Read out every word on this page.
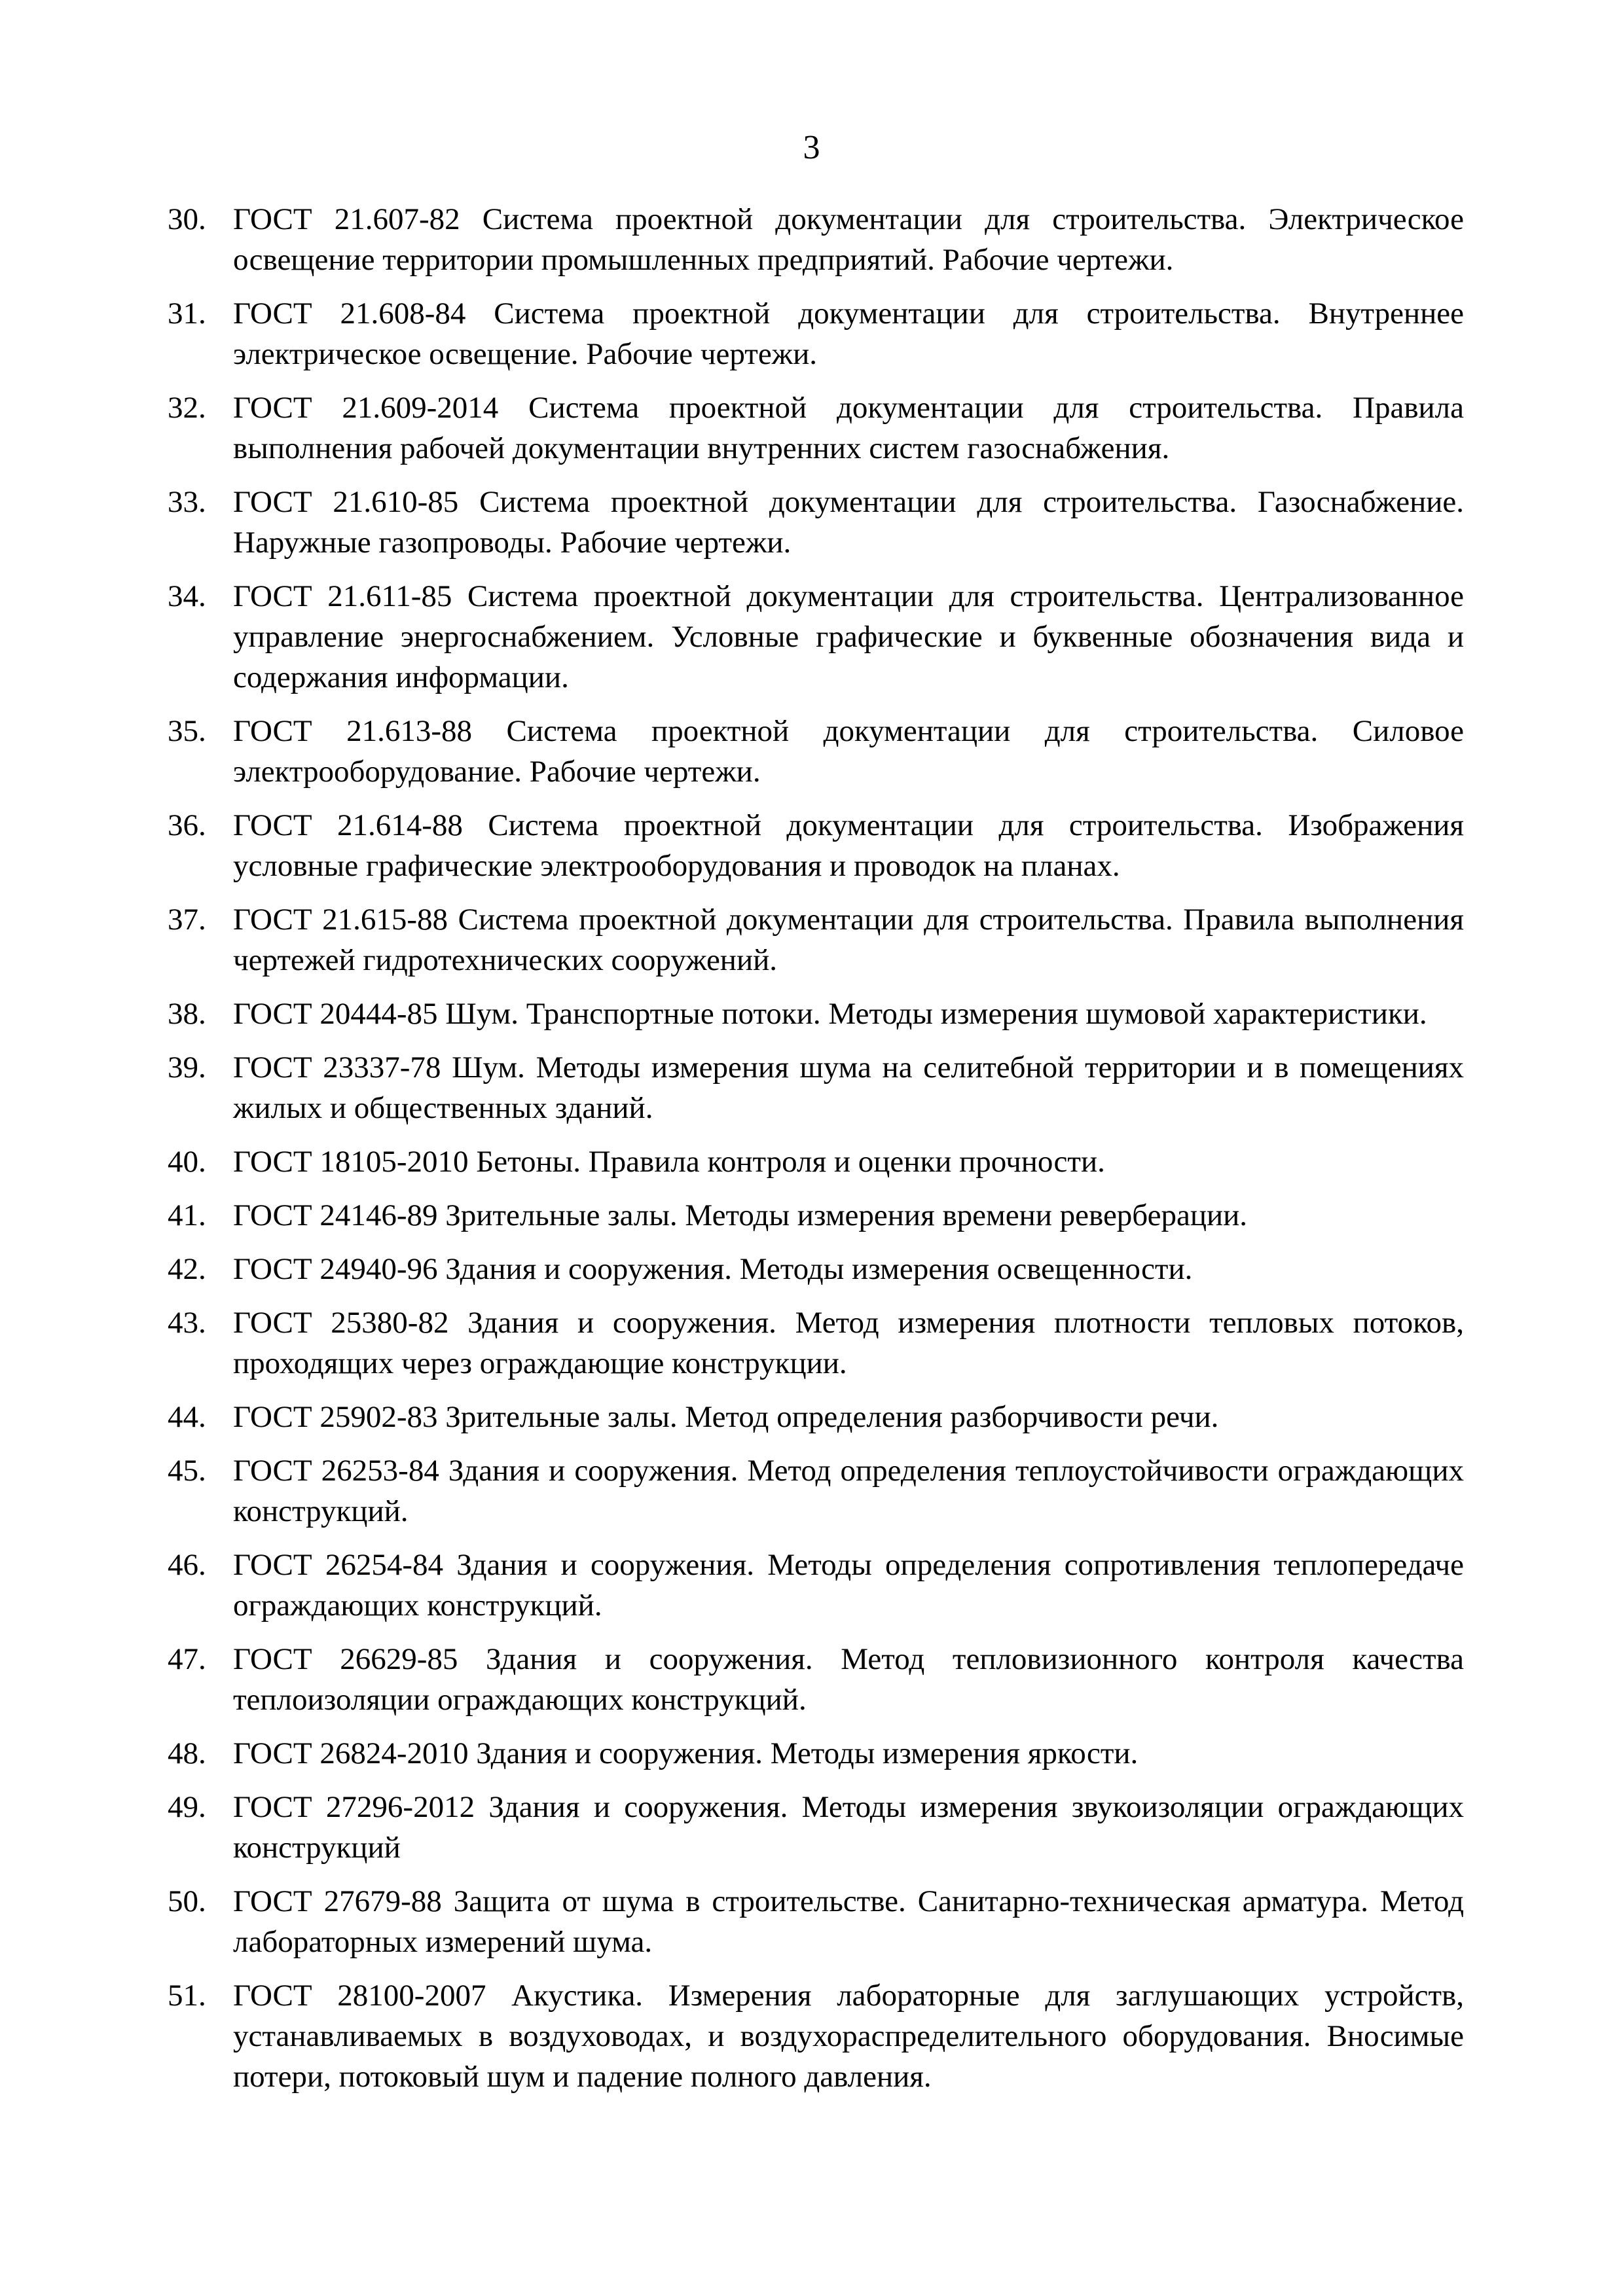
3
30. ГОСТ 21.607-82 Система проектной документации для строительства. Электрическое освещение территории промышленных предприятий. Рабочие чертежи.
31. ГОСТ 21.608-84 Система проектной документации для строительства. Внутреннее электрическое освещение. Рабочие чертежи.
32. ГОСТ 21.609-2014 Система проектной документации для строительства. Правила выполнения рабочей документации внутренних систем газоснабжения.
33. ГОСТ 21.610-85 Система проектной документации для строительства. Газоснабжение. Наружные газопроводы. Рабочие чертежи.
34. ГОСТ 21.611-85 Система проектной документации для строительства. Централизованное управление энергоснабжением. Условные графические и буквенные обозначения вида и содержания информации.
35. ГОСТ 21.613-88 Система проектной документации для строительства. Силовое электрооборудование. Рабочие чертежи.
36. ГОСТ 21.614-88 Система проектной документации для строительства. Изображения условные графические электрооборудования и проводок на планах.
37. ГОСТ 21.615-88 Система проектной документации для строительства. Правила выполнения чертежей гидротехнических сооружений.
38. ГОСТ 20444-85 Шум. Транспортные потоки. Методы измерения шумовой характеристики.
39. ГОСТ 23337-78 Шум. Методы измерения шума на селитебной территории и в помещениях жилых и общественных зданий.
40. ГОСТ 18105-2010 Бетоны. Правила контроля и оценки прочности.
41. ГОСТ 24146-89 Зрительные залы. Методы измерения времени реверберации.
42. ГОСТ 24940-96 Здания и сооружения. Методы измерения освещенности.
43. ГОСТ 25380-82 Здания и сооружения. Метод измерения плотности тепловых потоков, проходящих через ограждающие конструкции.
44. ГОСТ 25902-83 Зрительные залы. Метод определения разборчивости речи.
45. ГОСТ 26253-84 Здания и сооружения. Метод определения теплоустойчивости ограждающих конструкций.
46. ГОСТ 26254-84 Здания и сооружения. Методы определения сопротивления теплопередаче ограждающих конструкций.
47. ГОСТ 26629-85 Здания и сооружения. Метод тепловизионного контроля качества теплоизоляции ограждающих конструкций.
48. ГОСТ 26824-2010 Здания и сооружения. Методы измерения яркости.
49. ГОСТ 27296-2012 Здания и сооружения. Методы измерения звукоизоляции ограждающих конструкций
50. ГОСТ 27679-88 Защита от шума в строительстве. Санитарно-техническая арматура. Метод лабораторных измерений шума.
51. ГОСТ 28100-2007 Акустика. Измерения лабораторные для заглушающих устройств, устанавливаемых в воздуховодах, и воздухораспределительного оборудования. Вносимые потери, потоковый шум и падение полного давления.
